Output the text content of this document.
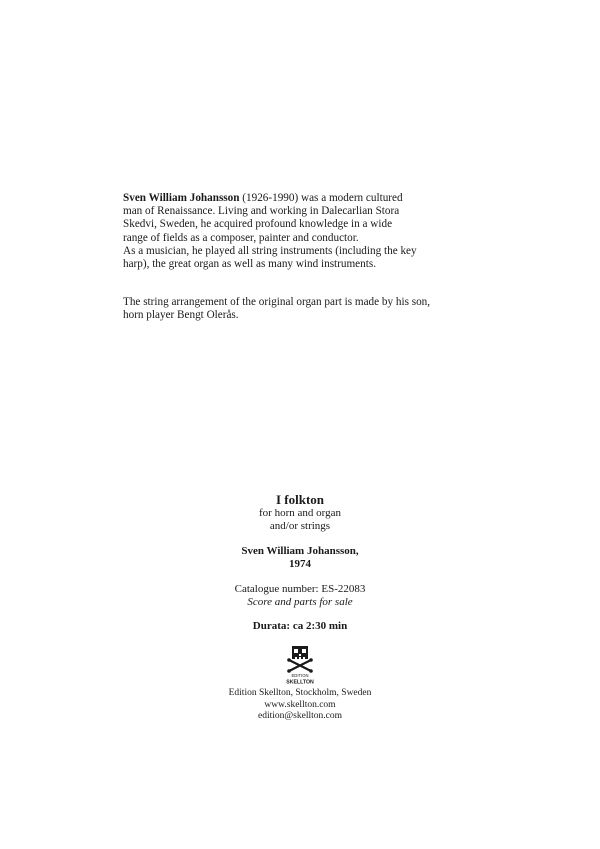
Sven William Johansson (1926-1990) was a modern cultured
man of Renaissance. Living and working in Dalecarlian Stora
Skedvi, Sweden, he acquired profound knowledge in a wide
range of fields as a composer, painter and conductor.
As a musician, he played all string instruments (including the key
harp), the great organ as well as many wind instruments.
The string arrangement of the original organ part is made by his son,
horn player Bengt Olerås.
I folkton
for horn and organ
and/or strings
Sven William Johansson,
1974
Catalogue number: ES-22083
Score and parts for sale
Durata: ca 2:30 min
EDITION
SKELLTON
Edition Skellton, Stockholm, Sweden
www.skellton.com
edition@skellton.com
